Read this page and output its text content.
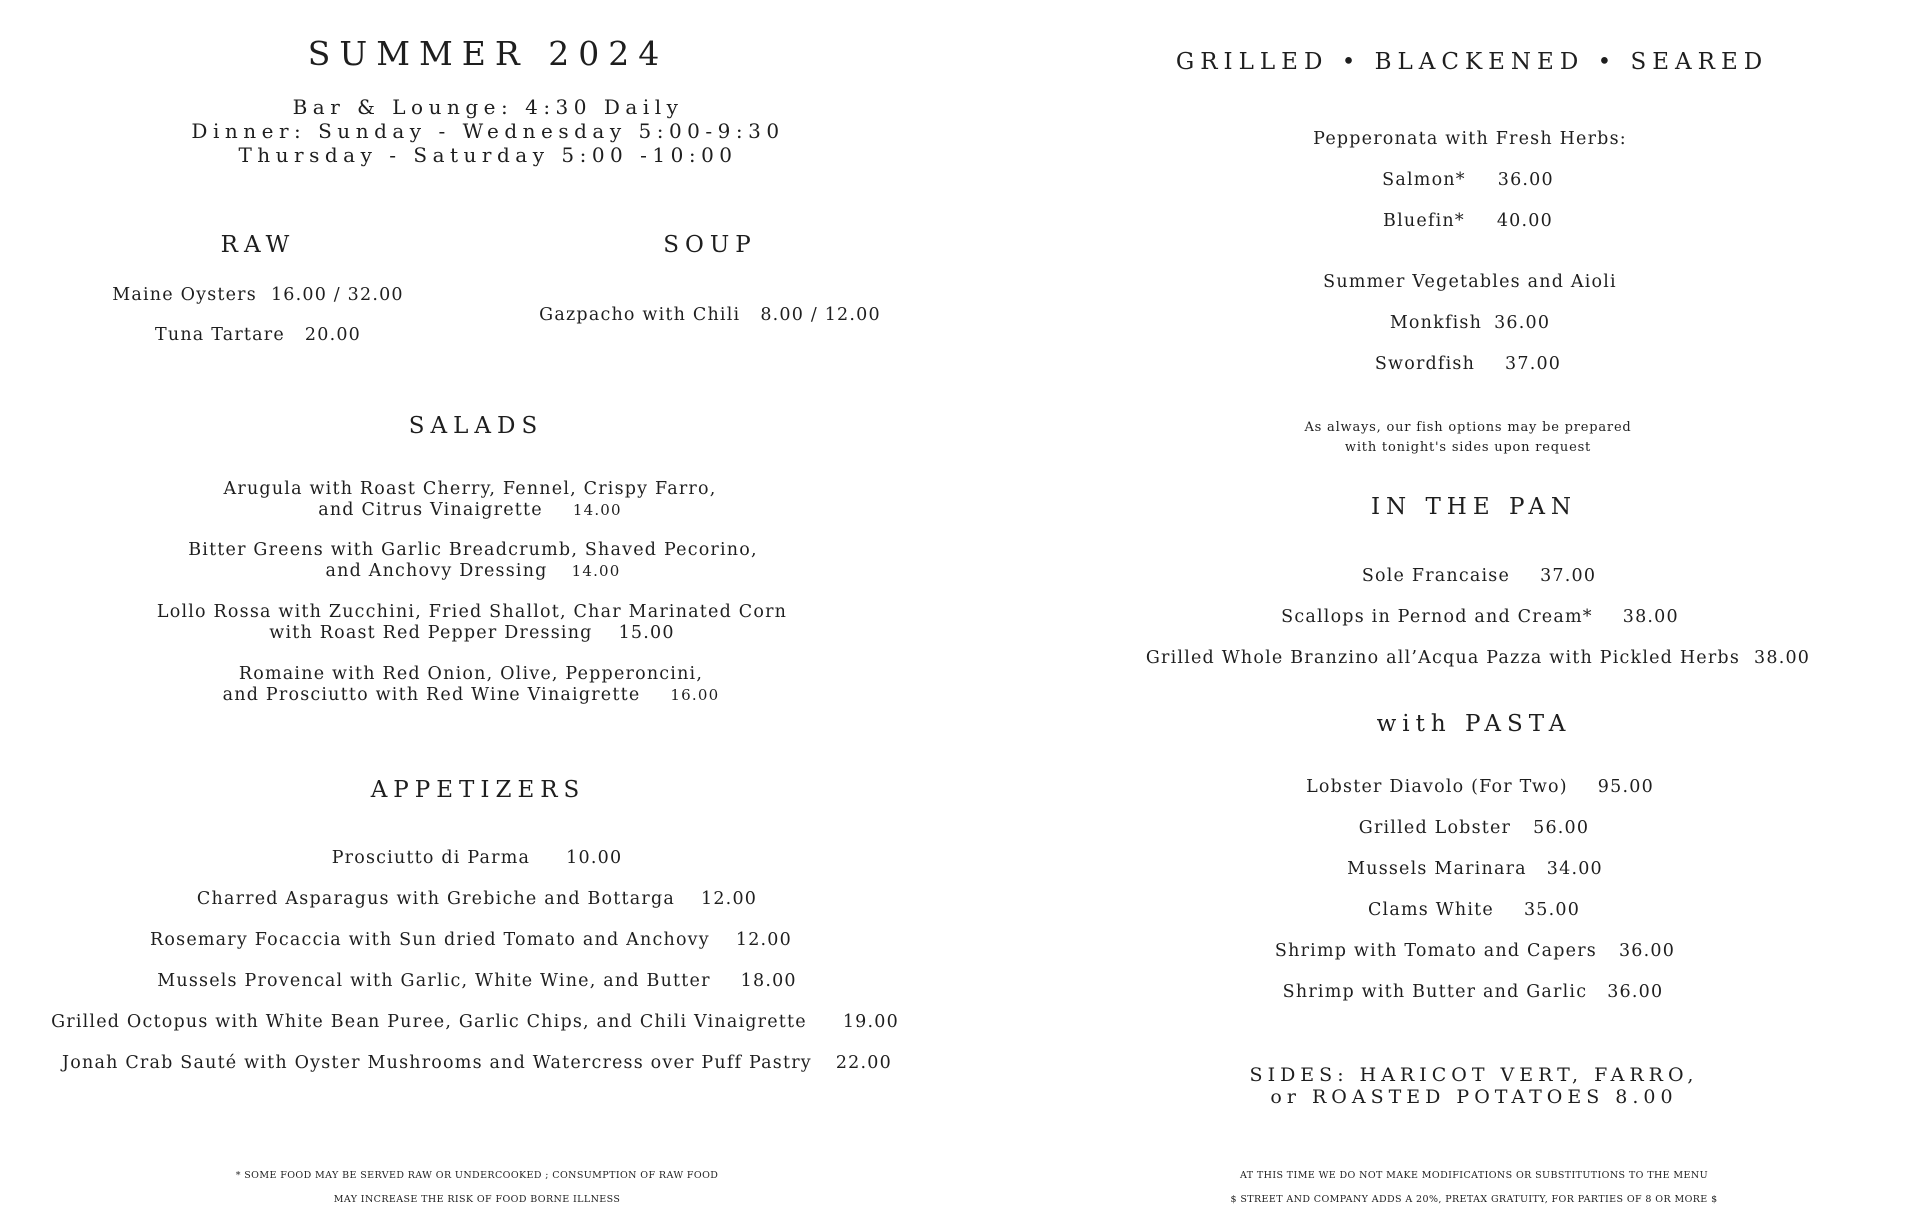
SUMMER 2024
Bar & Lounge: 4:30 Daily
Dinner: Sunday - Wednesday 5:00-9:30
Thursday - Saturday 5:00 -10:00
RAW
Maine Oysters 16.00 / 32.00
Tuna Tartare 20.00
SOUP
Gazpacho with Chili 8.00 / 12.00
SALADS
Arugula with Roast Cherry, Fennel, Crispy Farro,
and Citrus Vinaigrette 14.00
Bitter Greens with Garlic Breadcrumb, Shaved Pecorino,
and Anchovy Dressing 14.00
Lollo Rossa with Zucchini, Fried Shallot, Char Marinated Corn
with Roast Red Pepper Dressing 15.00
Romaine with Red Onion, Olive, Pepperoncini,
and Prosciutto with Red Wine Vinaigrette 16.00
APPETIZERS
Prosciutto di Parma 10.00
Charred Asparagus with Grebiche and Bottarga 12.00
Rosemary Focaccia with Sun dried Tomato and Anchovy 12.00
Mussels Provencal with Garlic, White Wine, and Butter 18.00
Grilled Octopus with White Bean Puree, Garlic Chips, and Chili Vinaigrette 19.00
Jonah Crab Sauté with Oyster Mushrooms and Watercress over Puff Pastry 22.00
* SOME FOOD MAY BE SERVED RAW OR UNDERCOOKED ; CONSUMPTION OF RAW FOOD
MAY INCREASE THE RISK OF FOOD BORNE ILLNESS
GRILLED • BLACKENED • SEARED
Pepperonata with Fresh Herbs:
Salmon* 36.00
Bluefin* 40.00
Summer Vegetables and Aioli
Monkfish 36.00
Swordfish 37.00
As always, our fish options may be prepared
with tonight's sides upon request
IN THE PAN
Sole Francaise 37.00
Scallops in Pernod and Cream* 38.00
Grilled Whole Branzino all’Acqua Pazza with Pickled Herbs 38.00
with PASTA
Lobster Diavolo (For Two) 95.00
Grilled Lobster 56.00
Mussels Marinara 34.00
Clams White 35.00
Shrimp with Tomato and Capers 36.00
Shrimp with Butter and Garlic 36.00
SIDES: HARICOT VERT, FARRO,
or ROASTED POTATOES 8.00
AT THIS TIME WE DO NOT MAKE MODIFICATIONS OR SUBSTITUTIONS TO THE MENU
$ STREET AND COMPANY ADDS A 20%, PRETAX GRATUITY, FOR PARTIES OF 8 OR MORE $
